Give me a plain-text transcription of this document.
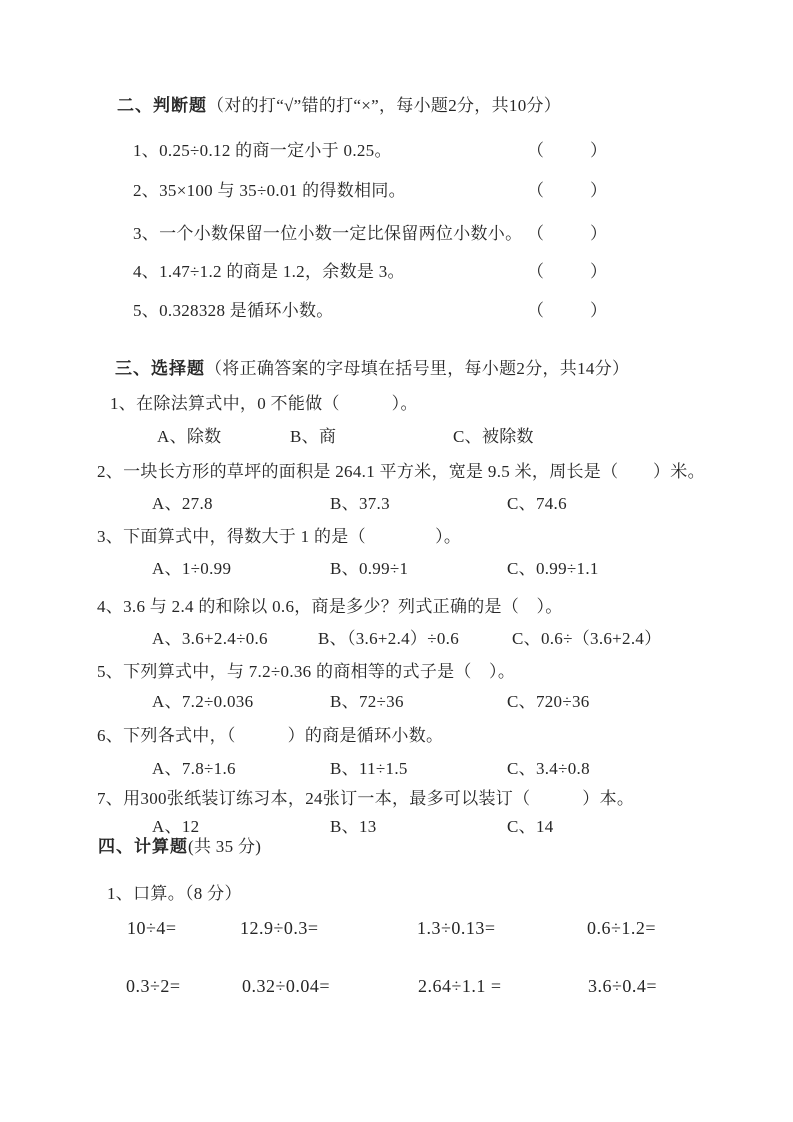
二、判断题（对的打“√”错的打“×”，每小题2分，共10分）
1、0.25÷0.12 的商一定小于 0.25。	（	）
2、35×100 与 35÷0.01 的得数相同。	（	）
3、一个小数保留一位小数一定比保留两位小数小。 （	）
4、1.47÷1.2 的商是 1.2，余数是 3。	（	）
5、0.328328 是循环小数。	（	）
三、选择题（将正确答案的字母填在括号里，每小题2分，共14分）
1、在除法算式中，0 不能做（　　　）。
A、除数	B、商	C、被除数
2、一块长方形的草坪的面积是 264.1 平方米，宽是 9.5 米，周长是（　　）米。
A、27.8	B、37.3	C、74.6
3、下面算式中，得数大于 1 的是（　　　　）。
A、1÷0.99	B、0.99÷1	C、0.99÷1.1
4、3.6 与 2.4 的和除以 0.6，商是多少？列式正确的是（　）。
A、3.6+2.4÷0.6	B、（3.6+2.4）÷0.6	C、0.6÷（3.6+2.4）
5、下列算式中，与 7.2÷0.36 的商相等的式子是（　）。
A、7.2÷0.036	B、72÷36	C、720÷36
6、下列各式中，（　　　）的商是循环小数。
A、7.8÷1.6	B、11÷1.5	C、3.4÷0.8
7、用300张纸装订练习本，24张订一本，最多可以装订（　　　）本。
A、12	B、13	C、14
四、计算题(共 35 分)
1、口算。（8 分）
10÷4=	12.9÷0.3=	1.3÷0.13=	0.6÷1.2=
0.3÷2=	0.32÷0.04=	2.64÷1.1 =	3.6÷0.4=
